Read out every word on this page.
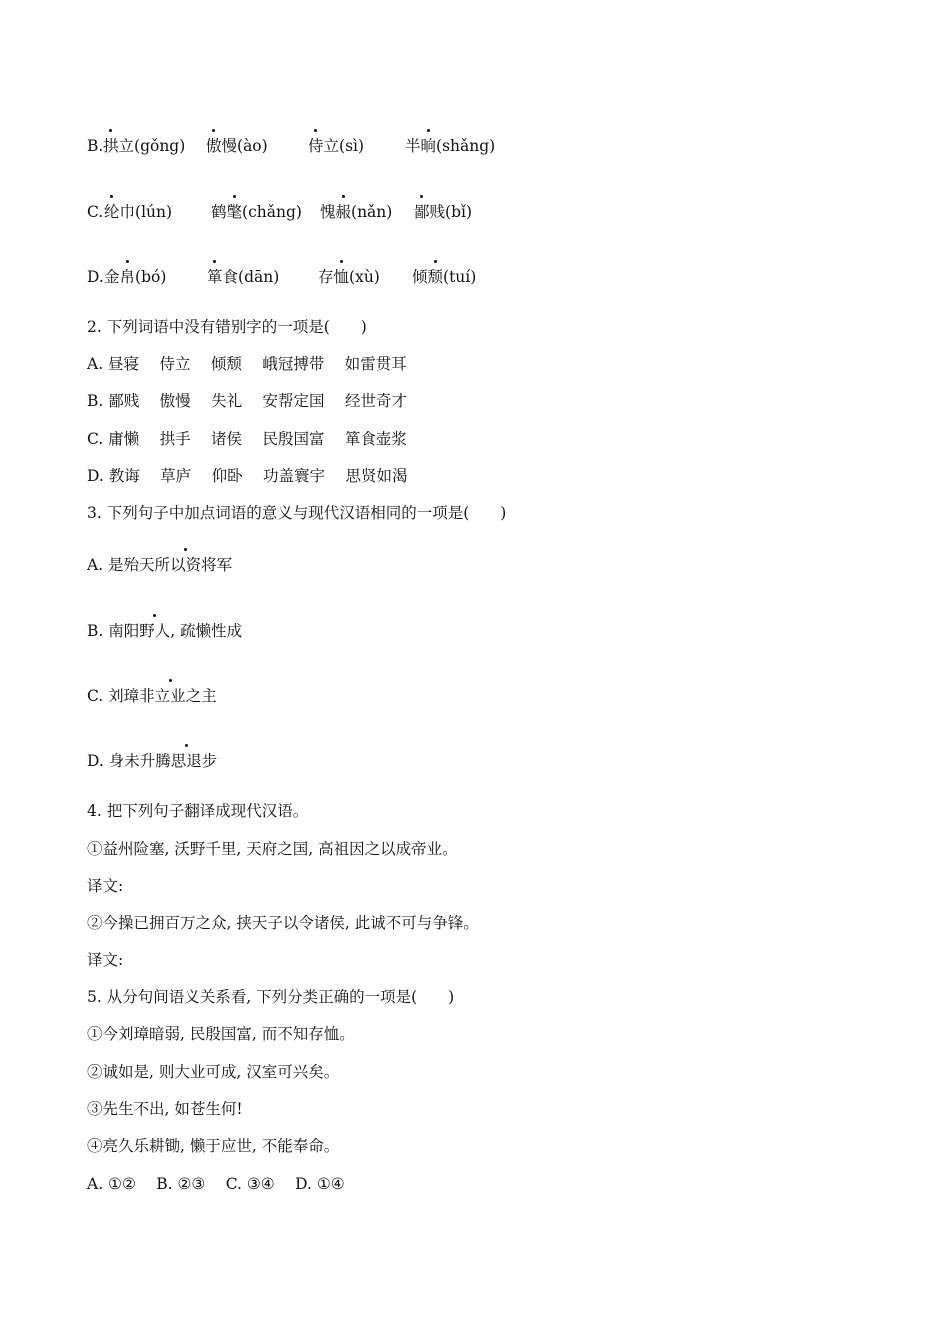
B. 拱立(gǒng) 傲慢(ào)	侍立(sì)	半晌(shǎng)
C. 纶巾(lún)	鹤氅(chǎng) 愧赧(nǎn) 鄙贱(bǐ)
D. 金帛(bó)	箪食(dān) 存恤(xù) 倾颓(tuí)
2. 下列词语中没有错别字的一项是(　　)
A. 昼寝　 侍立　 倾颓　 峨冠搏带　 如雷贯耳
B. 鄙贱　 傲慢　 失礼　 安帮定国　 经世奇才
C. 庸懒　 拱手　 诸侯　 民殷国富　 箪食壶浆
D. 教诲　 草庐　 仰卧　 功盖寰宇　 思贤如渴
3. 下列句子中加点词语的意义与现代汉语相同的一项是(　　)
A. 是殆天所以资将军
B. 南阳野人, 疏懒性成
C. 刘璋非立业之主
D. 身未升腾思退步
4. 把下列句子翻译成现代汉语。
①益州险塞, 沃野千里, 天府之国, 高祖因之以成帝业。
译文:
②今操已拥百万之众, 挟天子以令诸侯, 此诚不可与争锋。
译文:
5. 从分句间语义关系看, 下列分类正确的一项是(　　)
①今刘璋暗弱, 民殷国富, 而不知存恤。
②诚如是, 则大业可成, 汉室可兴矣。
③先生不出, 如苍生何!
④亮久乐耕锄, 懒于应世, 不能奉命。
A. ①②　 B. ②③　 C. ③④　 D. ①④
